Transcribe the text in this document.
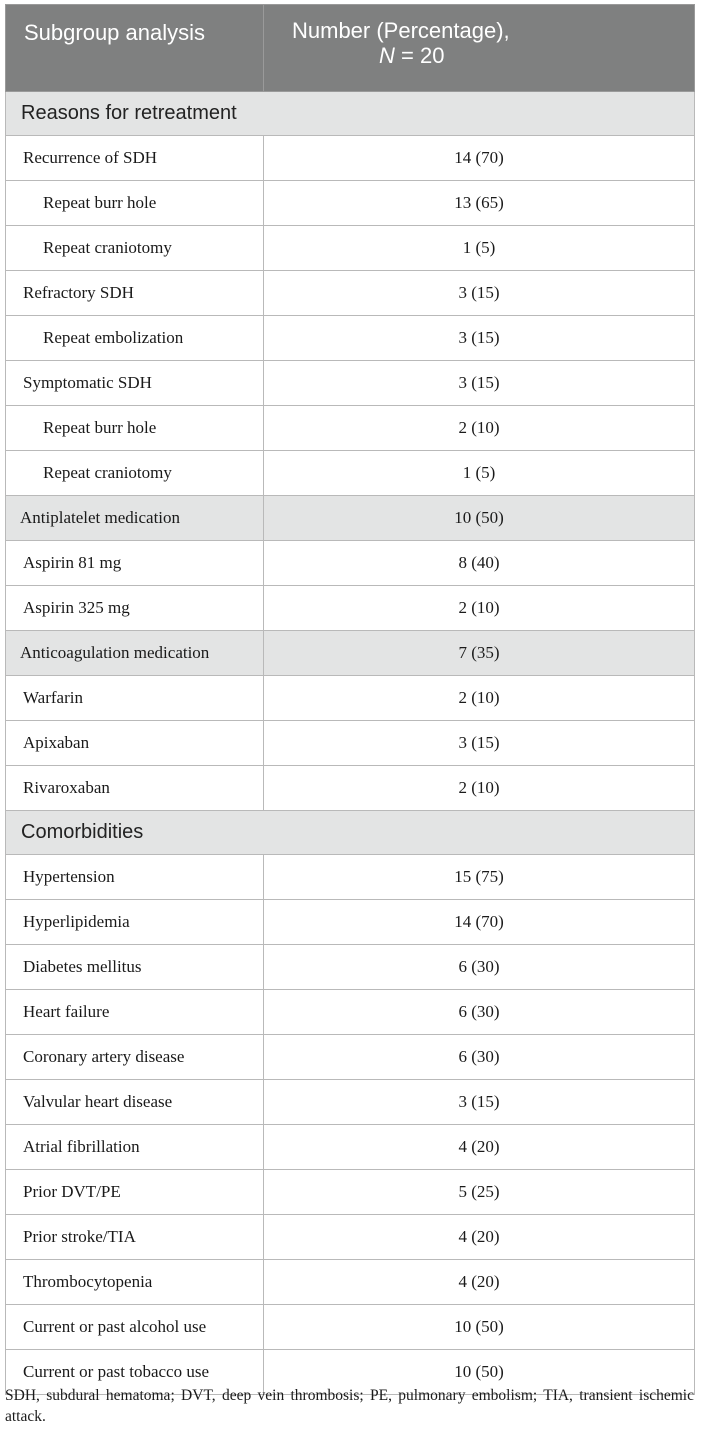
Subgroup analysis	Number (Percentage),
N = 20

Reasons for retreatment	
Recurrence of SDH	14 (70)
Repeat burr hole	13 (65)
Repeat craniotomy	1 (5)
Refractory SDH	3 (15)
Repeat embolization	3 (15)
Symptomatic SDH	3 (15)
Repeat burr hole	2 (10)
Repeat craniotomy	1 (5)
Antiplatelet medication	10 (50)
Aspirin 81 mg	8 (40)
Aspirin 325 mg	2 (10)
Anticoagulation medication	7 (35)
Warfarin	2 (10)
Apixaban	3 (15)
Rivaroxaban	2 (10)
Comorbidities	
Hypertension	15 (75)
Hyperlipidemia	14 (70)
Diabetes mellitus	6 (30)
Heart failure	6 (30)
Coronary artery disease	6 (30)
Valvular heart disease	3 (15)
Atrial fibrillation	4 (20)
Prior DVT/PE	5 (25)
Prior stroke/TIA	4 (20)
Thrombocytopenia	4 (20)
Current or past alcohol use	10 (50)
Current or past tobacco use	10 (50)

SDH, subdural hematoma; DVT, deep vein thrombosis; PE, pulmonary embolism; TIA, transient ischemic attack.
